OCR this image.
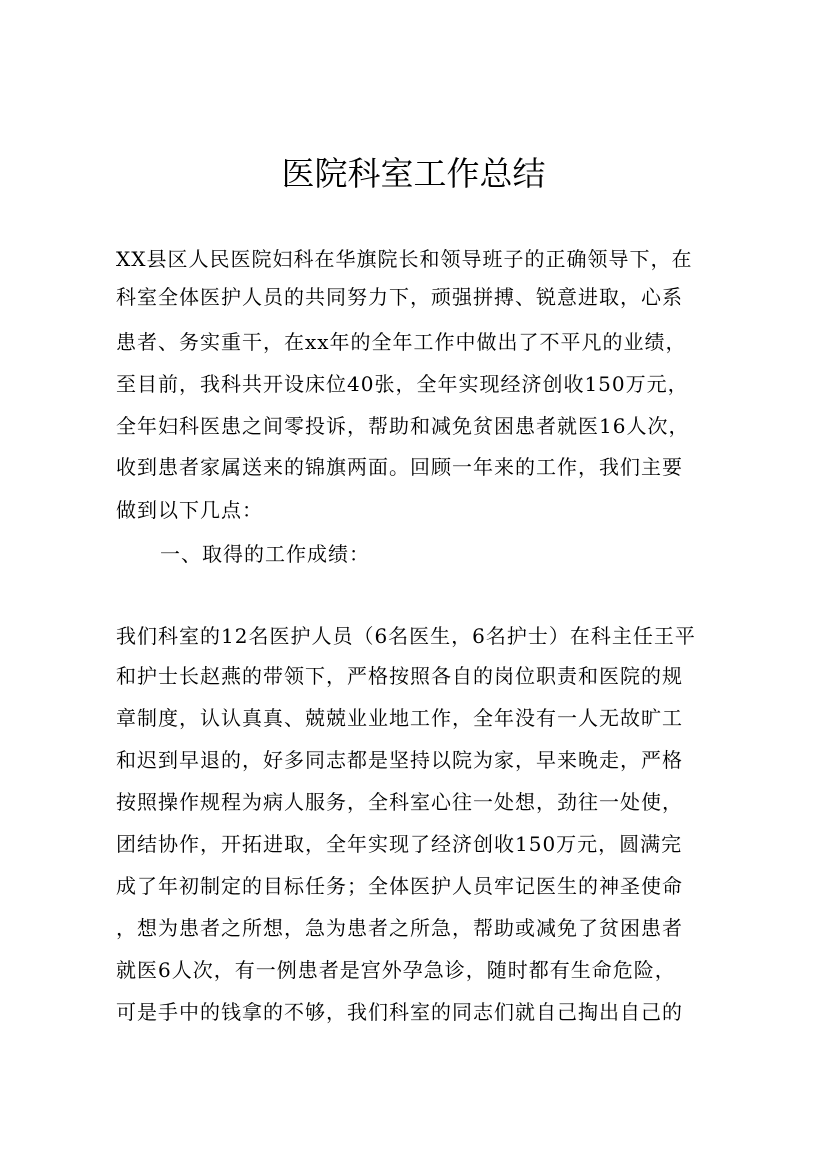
医院科室工作总结

XX县区人民医院妇科在华旗院长和领导班子的正确领导下，在

科室全体医护人员的共同努力下，顽强拼搏、锐意进取，心系

患者、务实重干，在xx年的全年工作中做出了不平凡的业绩，

至目前，我科共开设床位40张，全年实现经济创收150万元，

全年妇科医患之间零投诉，帮助和减免贫困患者就医16人次，

收到患者家属送来的锦旗两面。回顾一年来的工作，我们主要

做到以下几点：

一、取得的工作成绩：

我们科室的12名医护人员（6名医生，6名护士）在科主任王平

和护士长赵燕的带领下，严格按照各自的岗位职责和医院的规

章制度，认认真真、兢兢业业地工作，全年没有一人无故旷工

和迟到早退的，好多同志都是坚持以院为家，早来晚走，严格

按照操作规程为病人服务，全科室心往一处想，劲往一处使，

团结协作，开拓进取，全年实现了经济创收150万元，圆满完

成了年初制定的目标任务；全体医护人员牢记医生的神圣使命

，想为患者之所想，急为患者之所急，帮助或减免了贫困患者

就医6人次，有一例患者是宫外孕急诊，随时都有生命危险，

可是手中的钱拿的不够，我们科室的同志们就自己掏出自己的
